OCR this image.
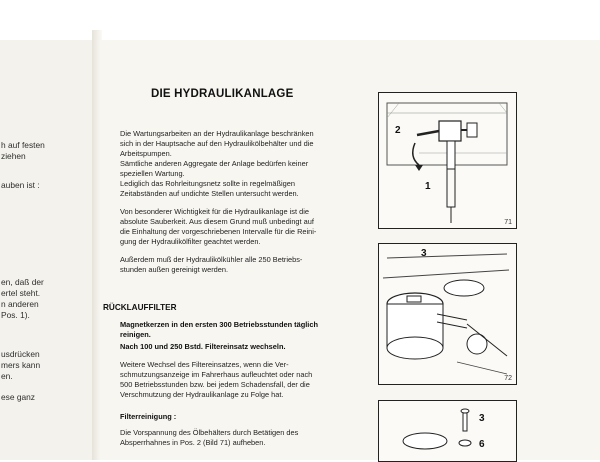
h auf festen
ziehen
auben ist :
en, daß der
ertel steht.
n anderen
Pos. 1).
usdrücken
mers kann
en.
ese ganz
DIE HYDRAULIKANLAGE
Die Wartungsarbeiten an der Hydraulikanlage beschränken
sich in der Hauptsache auf den Hydraulikölbehälter und die
Arbeitspumpen.
Sämtliche anderen Aggregate der Anlage bedürfen keiner
speziellen Wartung.
Lediglich das Rohrleitungsnetz sollte in regelmäßigen
Zeitabständen auf undichte Stellen untersucht werden.
Von besonderer Wichtigkeit für die Hydraulikanlage ist die
absolute Sauberkeit. Aus diesem Grund muß unbedingt auf
die Einhaltung der vorgeschriebenen Intervalle für die Reini-
gung der Hydraulikölfilter geachtet werden.
Außerdem muß der Hydraulikölkühler alle 250 Betriebs-
stunden außen gereinigt werden.
RÜCKLAUFFILTER
Magnetkerzen in den ersten 300 Betriebsstunden täglich
reinigen.
Nach 100 und 250 Bstd. Filtereinsatz wechseln.
Weitere Wechsel des Filtereinsatzes, wenn die Ver-
schmutzungsanzeige im Fahrerhaus aufleuchtet oder nach
500 Betriebsstunden bzw. bei jedem Schadensfall, der die
Verschmutzung der Hydraulikanlage zu Folge hat.
Filterreinigung :
Die Vorspannung des Ölbehälters durch Betätigen des
Absperrhahnes in Pos. 2 (Bild 71) aufheben.
2
1
71
3
72
3
6
